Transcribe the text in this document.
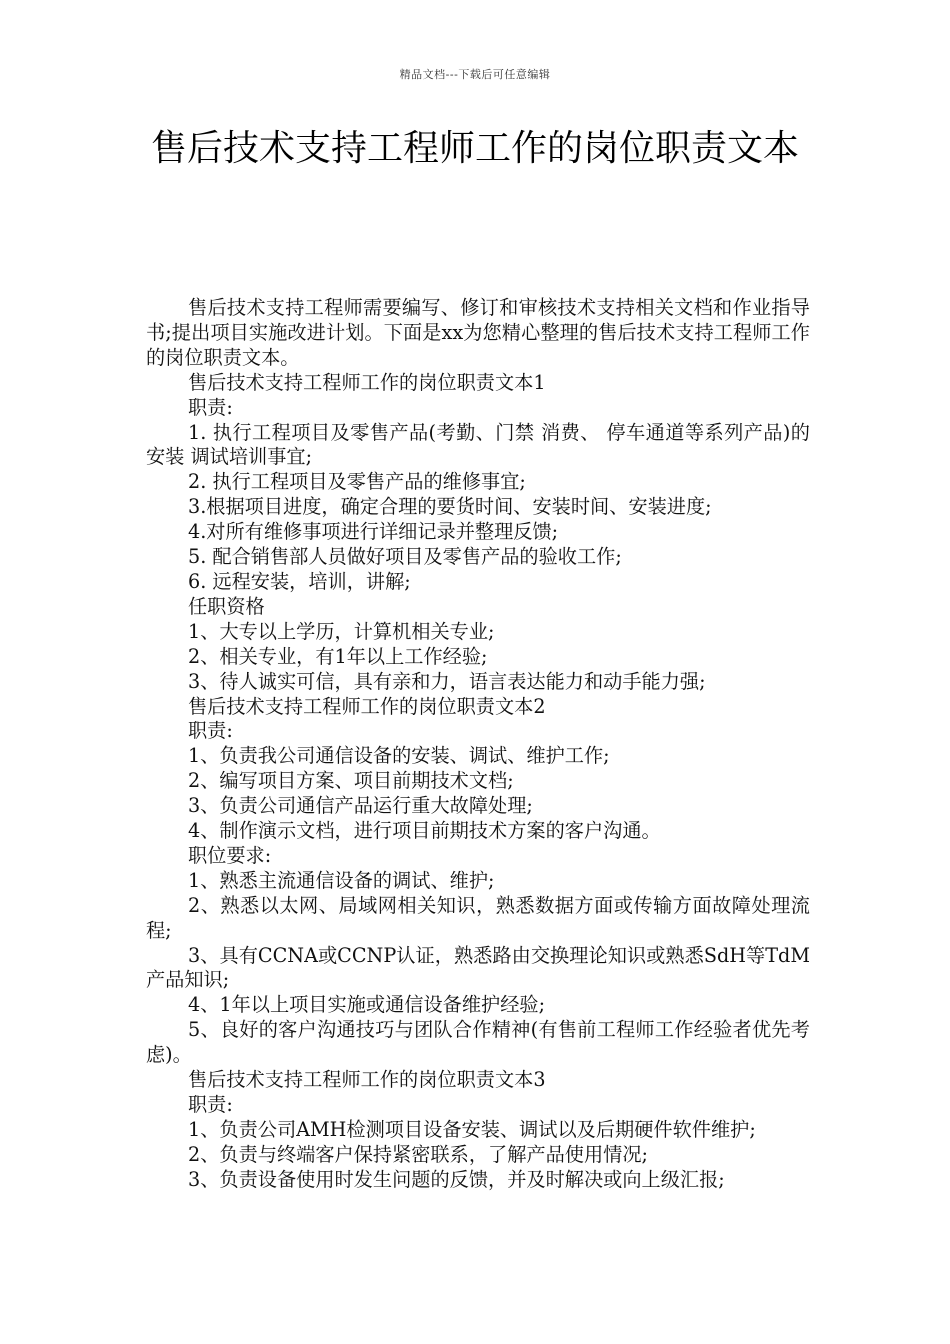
精品文档---下载后可任意编辑
售后技术支持工程师工作的岗位职责文本

售后技术支持工程师需要编写、修订和审核技术支持相关文档和作业指导书;提出项目实施改进计划。下面是xx为您精心整理的售后技术支持工程师工作的岗位职责文本。

售后技术支持工程师工作的岗位职责文本1

职责:

1. 执行工程项目及零售产品(考勤、门禁 消费、 停车通道等系列产品)的安装 调试培训事宜;

2. 执行工程项目及零售产品的维修事宜;

3.根据项目进度，确定合理的要货时间、安装时间、安装进度;

4.对所有维修事项进行详细记录并整理反馈;

5. 配合销售部人员做好项目及零售产品的验收工作;

6. 远程安装，培训，讲解;

任职资格

1、大专以上学历，计算机相关专业;

2、相关专业，有1年以上工作经验;

3、待人诚实可信，具有亲和力，语言表达能力和动手能力强;

售后技术支持工程师工作的岗位职责文本2

职责:

1、负责我公司通信设备的安装、调试、维护工作;

2、编写项目方案、项目前期技术文档;

3、负责公司通信产品运行重大故障处理;

4、制作演示文档，进行项目前期技术方案的客户沟通。

职位要求:

1、熟悉主流通信设备的调试、维护;

2、熟悉以太网、局域网相关知识，熟悉数据方面或传输方面故障处理流程;

3、具有CCNA或CCNP认证，熟悉路由交换理论知识或熟悉SdH等TdM产品知识;

4、1年以上项目实施或通信设备维护经验;

5、良好的客户沟通技巧与团队合作精神(有售前工程师工作经验者优先考虑)。

售后技术支持工程师工作的岗位职责文本3

职责:

1、负责公司AMH检测项目设备安装、调试以及后期硬件软件维护;

2、负责与终端客户保持紧密联系，了解产品使用情况;

3、负责设备使用时发生问题的反馈，并及时解决或向上级汇报;
